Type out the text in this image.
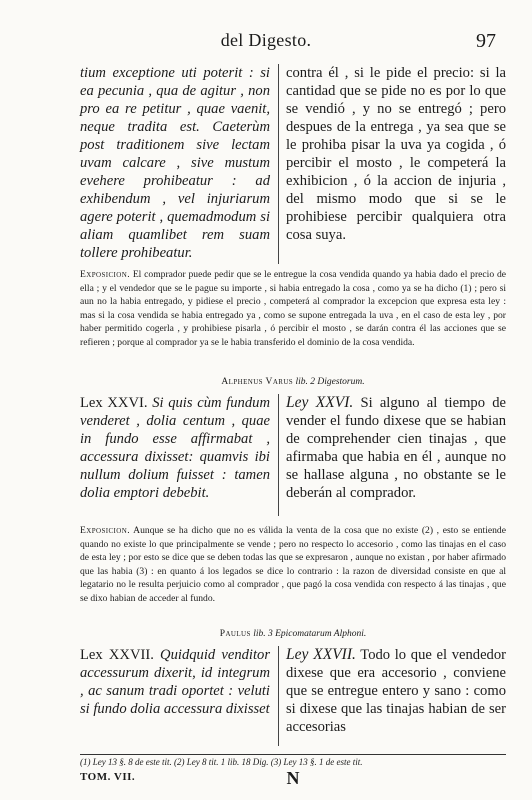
del Digesto.	97
tium exceptione uti poterit : si ea pecunia , qua de agitur , non pro ea re petitur , quae vaenit, neque tradita est. Caeterùm post traditionem sive lectam uvam calcare , sive mustum evehere prohibeatur : ad exhibendum , vel injuriarum agere poterit , quemadmodum si aliam quamlibet rem suam tollere prohibeatur.
contra él , si le pide el precio: si la cantidad que se pide no es por lo que se vendió , y no se entregó ; pero despues de la entrega , ya sea que se le prohiba pisar la uva ya cogida , ó percibir el mosto , le competerá la exhibicion , ó la accion de injuria , del mismo modo que si se le prohibiese percibir qualquiera otra cosa suya.
Exposicion. El comprador puede pedir que se le entregue la cosa vendida quando ya habia dado el precio de ella ; y el vendedor que se le pague su importe , si habia entregado la cosa , como ya se ha dicho (1) ; pero si aun no la habia entregado, y pidiese el precio , competerá al comprador la excepcion que expresa esta ley : mas si la cosa vendida se habia entregado ya , como se supone entregada la uva , en el caso de esta ley , por haber permitido cogerla , y prohibiese pisarla , ó percibir el mosto , se darán contra él las acciones que se refieren ; porque al comprador ya se le habia transferido el dominio de la cosa vendida.
Alphenus Varus lib. 2 Digestorum.
Lex XXVI. Si quis cùm fundum venderet , dolia centum , quae in fundo esse affirmabat , accessura dixisset: quamvis ibi nullum dolium fuisset : tamen dolia emptori debebit.
Ley XXVI. Si alguno al tiempo de vender el fundo dixese que se habian de comprehender cien tinajas , que afirmaba que habia en él , aunque no se hallase alguna , no obstante se le deberán al comprador.
Exposicion. Aunque se ha dicho que no es válida la venta de la cosa que no existe (2) , esto se entiende quando no existe lo que principalmente se vende ; pero no respecto lo accesorio , como las tinajas en el caso de esta ley ; por esto se dice que se deben todas las que se expresaron , aunque no existan , por haber afirmado que las habia (3) : en quanto á los legados se dice lo contrario : la razon de diversidad consiste en que al legatario no le resulta perjuicio como al comprador , que pagó la cosa vendida con respecto á las tinajas , que se dixo habian de acceder al fundo.
Paulus lib. 3 Epicomatarum Alphoni.
Lex XXVII. Quidquid venditor accessurum dixerit, id integrum , ac sanum tradi oportet : veluti si fundo dolia accessura dixisset
Ley XXVII. Todo lo que el vendedor dixese que era accesorio , conviene que se entregue entero y sano : como si dixese que las tinajas habian de ser accesorias
(1) Ley 13 §. 8 de este tit. (2) Ley 8 tit. 1 lib. 18 Dig. (3) Ley 13 §. 1 de este tit.
TOM. VII.	N
